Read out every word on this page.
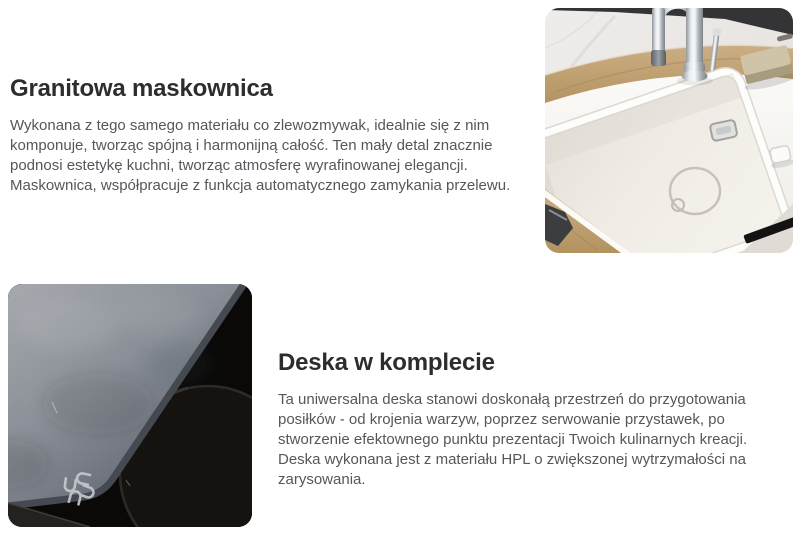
Granitowa maskownica

Wykonana z tego samego materiału co zlewozmywak, idealnie się z nim komponuje, tworząc spójną i harmonijną całość. Ten mały detal znacznie podnosi estetykę kuchni, tworząc atmosferę wyrafinowanej elegancji. Maskownica, współpracuje z funkcja automatycznego zamykania przelewu.

Deska w komplecie

Ta uniwersalna deska stanowi doskonałą przestrzeń do przygotowania posiłków - od krojenia warzyw, poprzez serwowanie przystawek, po stworzenie efektownego punktu prezentacji Twoich kulinarnych kreacji. Deska wykonana jest z materiału HPL o zwiększonej wytrzymałości na zarysowania.
